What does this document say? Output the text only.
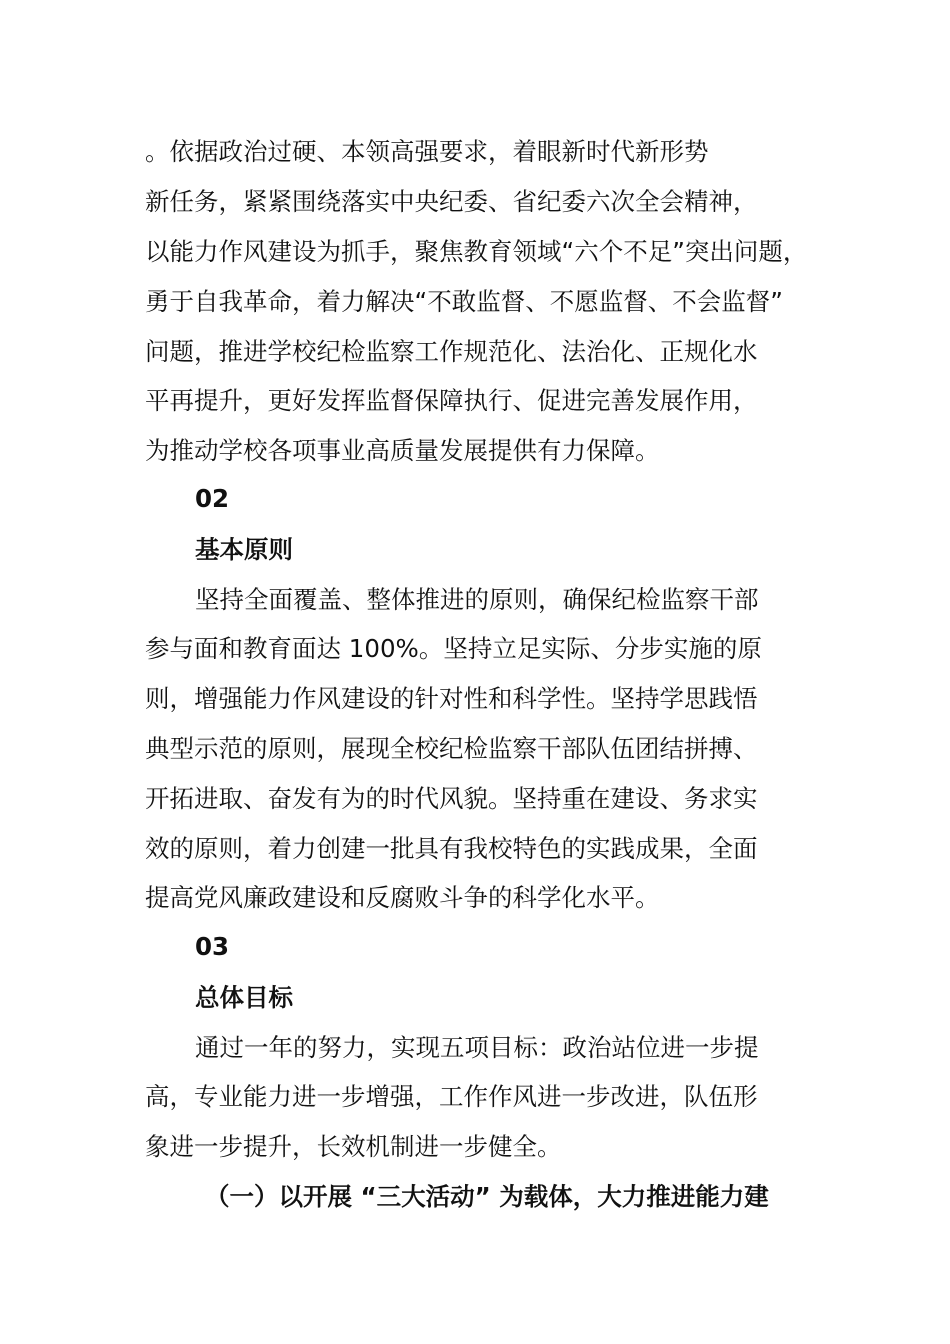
。依据政治过硬、本领高强要求，着眼新时代新形势
新任务，紧紧围绕落实中央纪委、省纪委六次全会精神，
以能力作风建设为抓手，聚焦教育领域“六个不足”突出问题，
勇于自我革命，着力解决“不敢监督、不愿监督、不会监督”
问题，推进学校纪检监察工作规范化、法治化、正规化水
平再提升，更好发挥监督保障执行、促进完善发展作用，
为推动学校各项事业高质量发展提供有力保障。
02
基本原则
坚持全面覆盖、整体推进的原则，确保纪检监察干部
参与面和教育面达 100%。坚持立足实际、分步实施的原
则，增强能力作风建设的针对性和科学性。坚持学思践悟
典型示范的原则，展现全校纪检监察干部队伍团结拼搏、
开拓进取、奋发有为的时代风貌。坚持重在建设、务求实
效的原则，着力创建一批具有我校特色的实践成果，全面
提高党风廉政建设和反腐败斗争的科学化水平。
03
总体目标
通过一年的努力，实现五项目标：政治站位进一步提
高，专业能力进一步增强，工作作风进一步改进，队伍形
象进一步提升，长效机制进一步健全。
（一）以开展 “三大活动” 为载体，大力推进能力建
